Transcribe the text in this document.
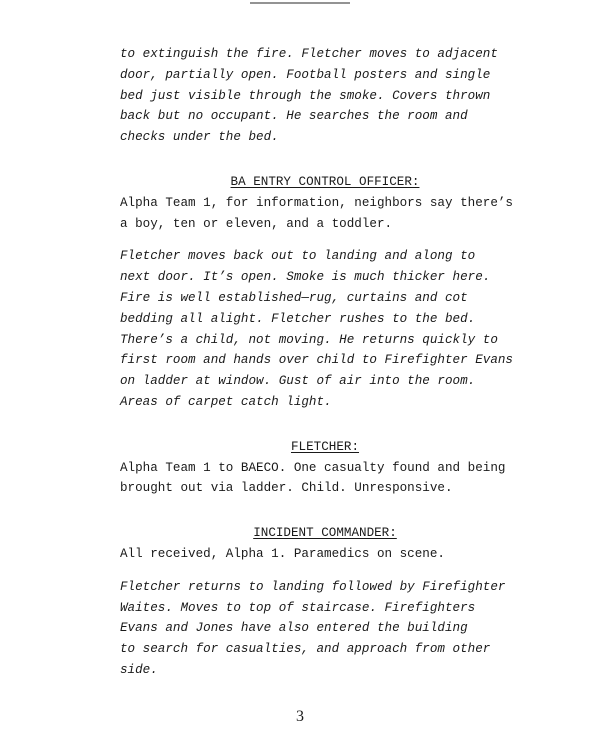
to extinguish the fire. Fletcher moves to adjacent
door, partially open. Football posters and single
bed just visible through the smoke. Covers thrown
back but no occupant. He searches the room and
checks under the bed.

BA ENTRY CONTROL OFFICER:

Alpha Team 1, for information, neighbors say there’s
a boy, ten or eleven, and a toddler.

Fletcher moves back out to landing and along to
next door. It’s open. Smoke is much thicker here.
Fire is well established—rug, curtains and cot
bedding all alight. Fletcher rushes to the bed.
There’s a child, not moving. He returns quickly to
first room and hands over child to Firefighter Evans
on ladder at window. Gust of air into the room.
Areas of carpet catch light.

FLETCHER:

Alpha Team 1 to BAECO. One casualty found and being
brought out via ladder. Child. Unresponsive.

INCIDENT COMMANDER:

All received, Alpha 1. Paramedics on scene.

Fletcher returns to landing followed by Firefighter
Waites. Moves to top of staircase. Firefighters
Evans and Jones have also entered the building
to search for casualties, and approach from other
side.

3
